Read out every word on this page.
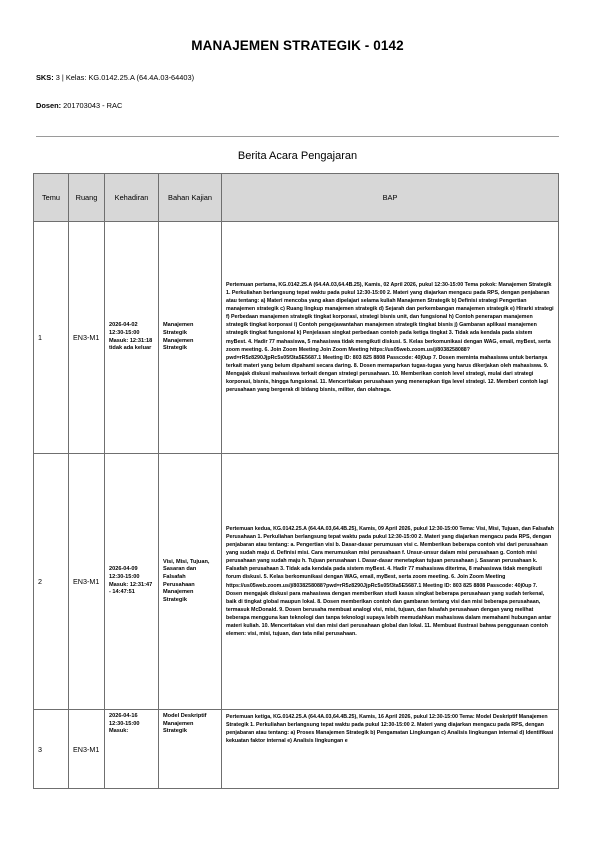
MANAJEMEN STRATEGIK - 0142
SKS: 3 | Kelas: KG.0142.25.A (64.4A.03-64403)
Dosen: 201703043 - RAC
Berita Acara Pengajaran
Temu	Ruang	Kehadiran	Bahan Kajian	BAP
1	EN3-M1	2026-04-02 12:30-15:00 Masuk: 12:31:18 tidak ada keluar	Manajemen Strategik Manajemen Strategik	Pertemuan pertama, KG.0142.25.A (64.4A.03,64.4B.25), Kamis, 02 April 2026, pukul 12:30-15:00 Tema pokok: Manajemen Strategik 1. Perkuliahan berlangsung tepat waktu pada pukul 12:30-15:00 2. Materi yang diajarkan mengacu pada RPS, dengan penjabaran atau tentang: a) Materi mencoba yang akan dipelajari selama kuliah Manajemen Strategik b) Definisi strategi Pengertian manajemen strategik c) Ruang lingkup manajemen strategik d) Sejarah dan perkembangan manajemen strategik e) Hirarki strategi f) Perbedaan manajemen strategik tingkat korporasi, strategi bisnis unit, dan fungsional h) Contoh penerapan manajemen strategik tingkat korporasi i) Contoh pengejawantahan manajemen strategik tingkat bisnis j) Gambaran aplikasi manajemen strategik tingkat fungsional k) Penjelasan singkat perbedaan contoh pada ketiga tingkat 3. Tidak ada kendala pada sistem myBest. 4. Hadir 77 mahasiswa, 5 mahasiswa tidak mengikuti diskusi. 5. Kelas berkomunikasi dengan WAG, email, myBest, serta zoom meeting. 6. Join Zoom Meeting Join Zoom Meeting https://us05web.zoom.us/j/8038258088?pwd=rR5z8290JjpRc5s05f3ta5E5687.1 Meeting ID: 803 825 8808 Passcode: 40j0up 7. Dosen meminta mahasiswa untuk bertanya terkait materi yang belum dipahami secara daring. 8. Dosen memaparkan tugas-tugas yang harus dikerjakan oleh mahasiswa. 9. Mengajak diskusi mahasiswa terkait dengan strategi perusahaan. 10. Memberikan contoh level strategi, mulai dari strategi korporasi, bisnis, hingga fungsional. 11. Menceritakan perusahaan yang menerapkan tiga level strategi. 12. Memberi contoh lagi perusahaan yang bergerak di bidang bisnis, militer, dan olahraga.
2	EN3-M1	2026-04-09 12:30-15:00 Masuk: 12:31:47 - 14:47:51	Visi, Misi, Tujuan, Sasaran dan Falsafah Perusahaan Manajemen Strategik	Pertemuan kedua, KG.0142.25.A (64.4A.03,64.4B.25), Kamis, 09 April 2026, pukul 12:30-15:00 Tema: Visi, Misi, Tujuan, dan Falsafah Perusahaan 1. Perkuliahan berlangsung tepat waktu pada pukul 12:30-15:00 2. Materi yang diajarkan mengacu pada RPS, dengan penjabaran atau tentang: a. Pengertian visi b. Dasar-dasar perumusan visi c. Memberikan beberapa contoh visi dari perusahaan yang sudah maju d. Definisi misi. Cara merumuskan misi perusahaan f. Unsur-unsur dalam misi perusahaan g. Contoh misi perusahaan yang sudah maju h. Tujuan perusahaan i. Dasar-dasar menetapkan tujuan perusahaan j. Sasaran perusahaan k. Falsafah perusahaan 3. Tidak ada kendala pada sistem myBest. 4. Hadir 77 mahasiswa diterima, 8 mahasiswa tidak mengikuti forum diskusi. 5. Kelas berkomunikasi dengan WAG, email, myBest, serta zoom meeting. 6. Join Zoom Meeting https://us05web.zoom.us/j/8038258088?pwd=rR5z8290JjpRc5s05f3ta5E5687.1 Meeting ID: 803 825 8808 Passcode: 40j0up 7. Dosen mengajak diskusi para mahasiswa dengan memberikan studi kasus singkat beberapa perusahaan yang sudah terkenal, baik di tingkat global maupun lokal. 8. Dosen memberikan contoh dan gambaran tentang visi dan misi beberapa perusahaan, termasuk McDonald. 9. Dosen berusaha membuat analogi visi, misi, tujuan, dan falsafah perusahaan dengan yang melihat beberapa mengguna kan teknologi dan tanpa teknologi supaya lebih memudahkan mahasiswa dalam memahami hubungan antar materi kuliah. 10. Menceritakan visi dan misi dari perusahaan global dan lokal. 11. Membuat ilustrasi bahwa penggunaan contoh elemen: visi, misi, tujuan, dan tata nilai perusahaan.
3	EN3-M1	2026-04-16 12:30-15:00 Masuk:	Model Deskriptif Manajemen Strategik	Pertemuan ketiga, KG.0142.25.A (64.4A.03,64.4B.25), Kamis, 16 April 2026, pukul 12:30-15:00 Tema: Model Deskriptif Manajemen Strategik 1. Perkuliahan berlangsung tepat waktu pada pukul 12:30-15:00 2. Materi yang diajarkan mengacu pada RPS, dengan penjabaran atau tentang: a) Proses Manajemen Strategik b) Pengamatan Lingkungan c) Analisis lingkungan internal d) Identifikasi kekuatan faktor internal e) Analisis lingkungan e
